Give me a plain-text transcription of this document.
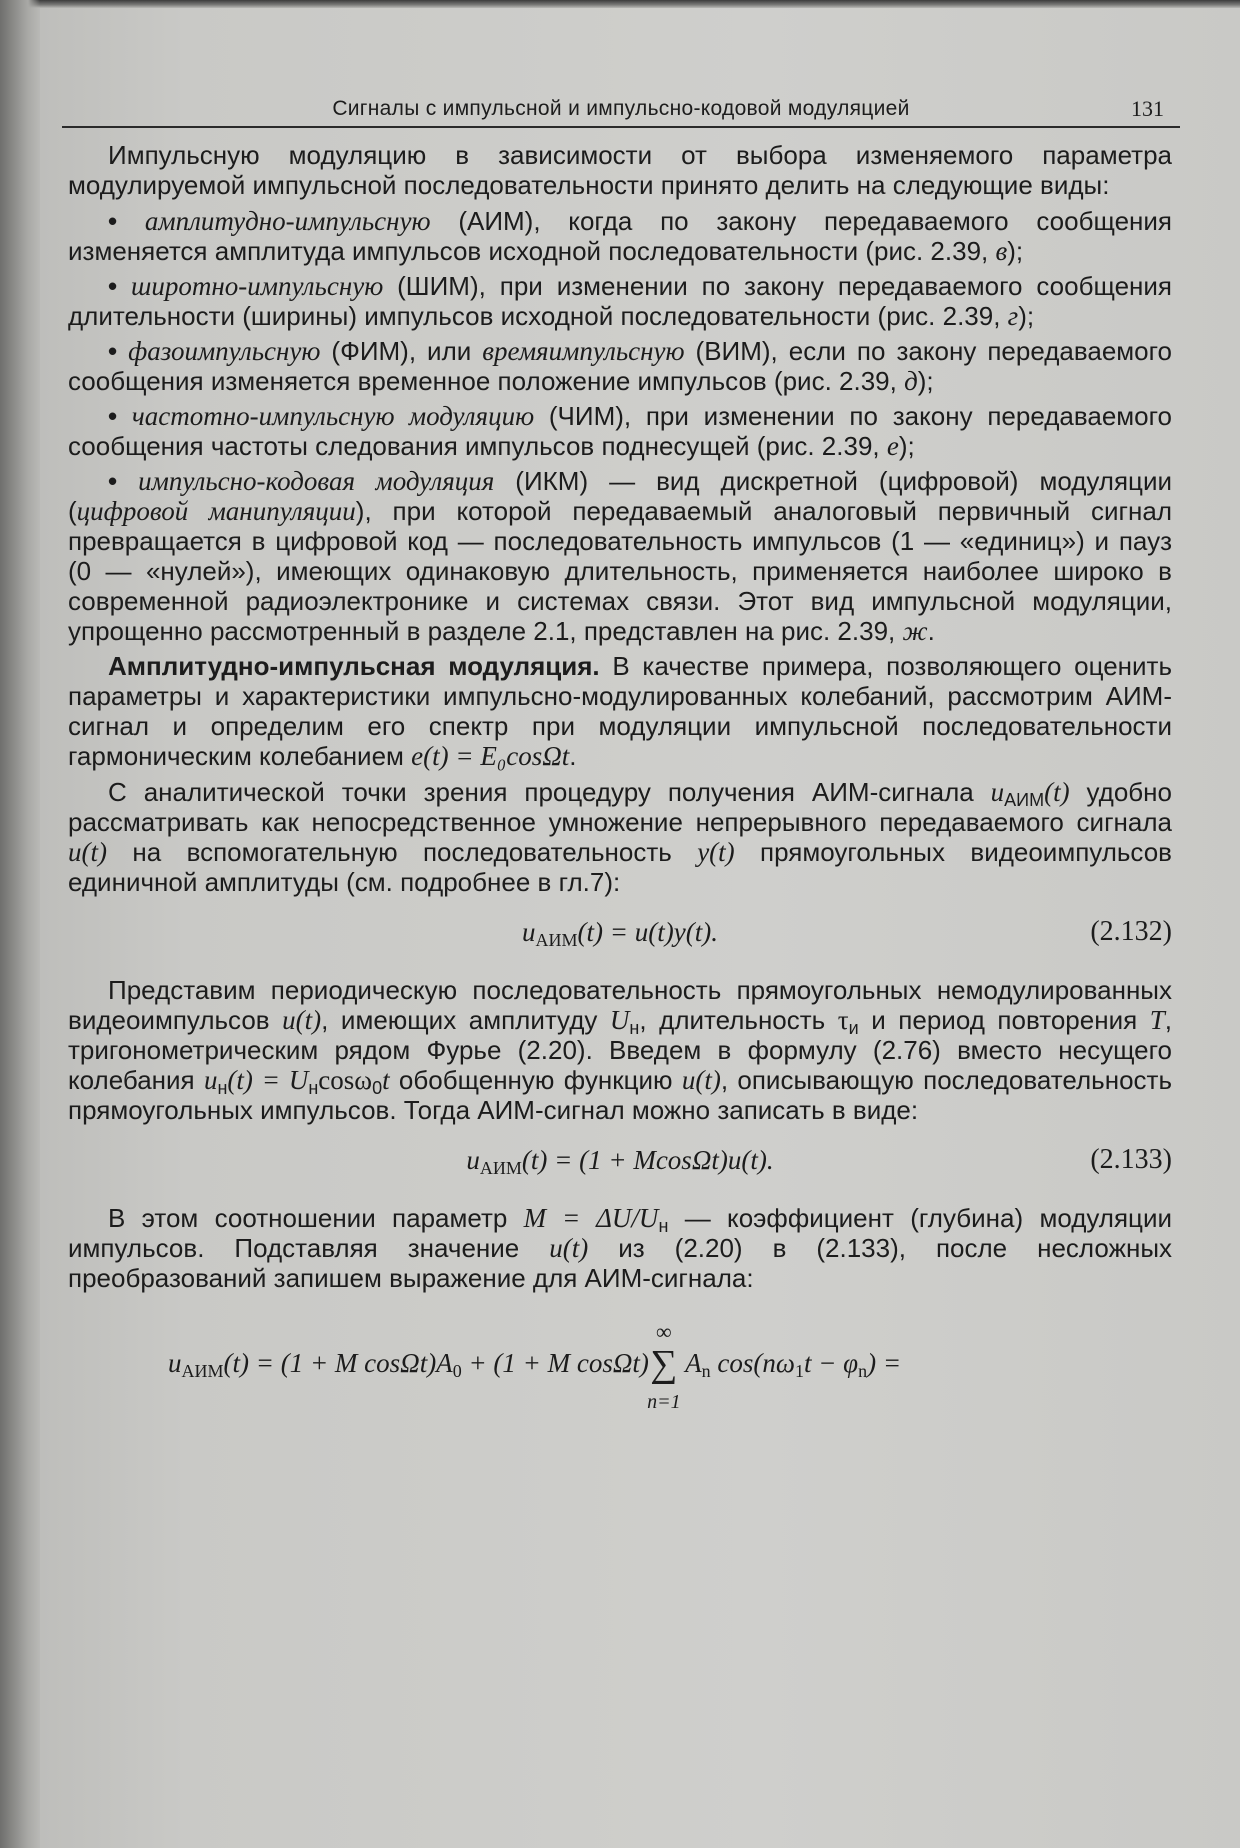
Сигналы с импульсной и импульсно-кодовой модуляцией	131

Импульсную модуляцию в зависимости от выбора изменяемого параметра модулируемой импульсной последовательности принято делить на следующие виды:

• амплитудно-импульсную (АИМ), когда по закону передаваемого сообщения изменяется амплитуда импульсов исходной последовательности (рис. 2.39, в);

• широтно-импульсную (ШИМ), при изменении по закону передаваемого сообщения длительности (ширины) импульсов исходной последовательности (рис. 2.39, г);

• фазоимпульсную (ФИМ), или времяимпульсную (ВИМ), если по закону передаваемого сообщения изменяется временное положение импульсов (рис. 2.39, д);

• частотно-импульсную модуляцию (ЧИМ), при изменении по закону передаваемого сообщения частоты следования импульсов поднесущей (рис. 2.39, е);

• импульсно-кодовая модуляция (ИКМ) — вид дискретной (цифровой) модуляции (цифровой манипуляции), при которой передаваемый аналоговый первичный сигнал превращается в цифровой код — последовательность импульсов (1 — «единиц») и пауз (0 — «нулей»), имеющих одинаковую длительность, применяется наиболее широко в современной радиоэлектронике и системах связи. Этот вид импульсной модуляции, упрощенно рассмотренный в разделе 2.1, представлен на рис. 2.39, ж.

Амплитудно-импульсная модуляция. В качестве примера, позволяющего оценить параметры и характеристики импульсно-модулированных колебаний, рассмотрим АИМ-сигнал и определим его спектр при модуляции импульсной последовательности гармоническим колебанием e(t) = E₀cosΩt.

С аналитической точки зрения процедуру получения АИМ-сигнала $u_{АИМ}(t)$ удобно рассматривать как непосредственное умножение непрерывного передаваемого сигнала u(t) на вспомогательную последовательность y(t) прямоугольных видеоимпульсов единичной амплитуды (см. подробнее в гл.7):

$u_{АИМ}(t) = u(t)y(t)$.	(2.132)

Представим периодическую последовательность прямоугольных немодулированных видеоимпульсов u(t), имеющих амплитуду $U_н$, длительность $\tau_и$ и период повторения T, тригонометрическим рядом Фурье (2.20). Введем в формулу (2.76) вместо несущего колебания $u_н(t) = U_н\cos\omega_0t$ обобщенную функцию u(t), описывающую последовательность прямоугольных импульсов. Тогда АИМ-сигнал можно записать в виде:

$u_{АИМ}(t) = (1$ + MсosΩt)u(t).	(2.133)

В этом соотношении параметр $M = \Delta U/U_н$ — коэффициент (глубина) модуляции импульсов. Подставляя значение u(t) из (2.20) в (2.133), после несложных преобразований запишем выражение для АИМ-сигнала:

$u_{АИМ}(t) = (1 + M$ $\cos\Omega t)A_0 + (1 + M$ cosΩt)
∞
∑
n=1
$A_n$ $\cos(n\omega_1t - \varphi_n)$ =
